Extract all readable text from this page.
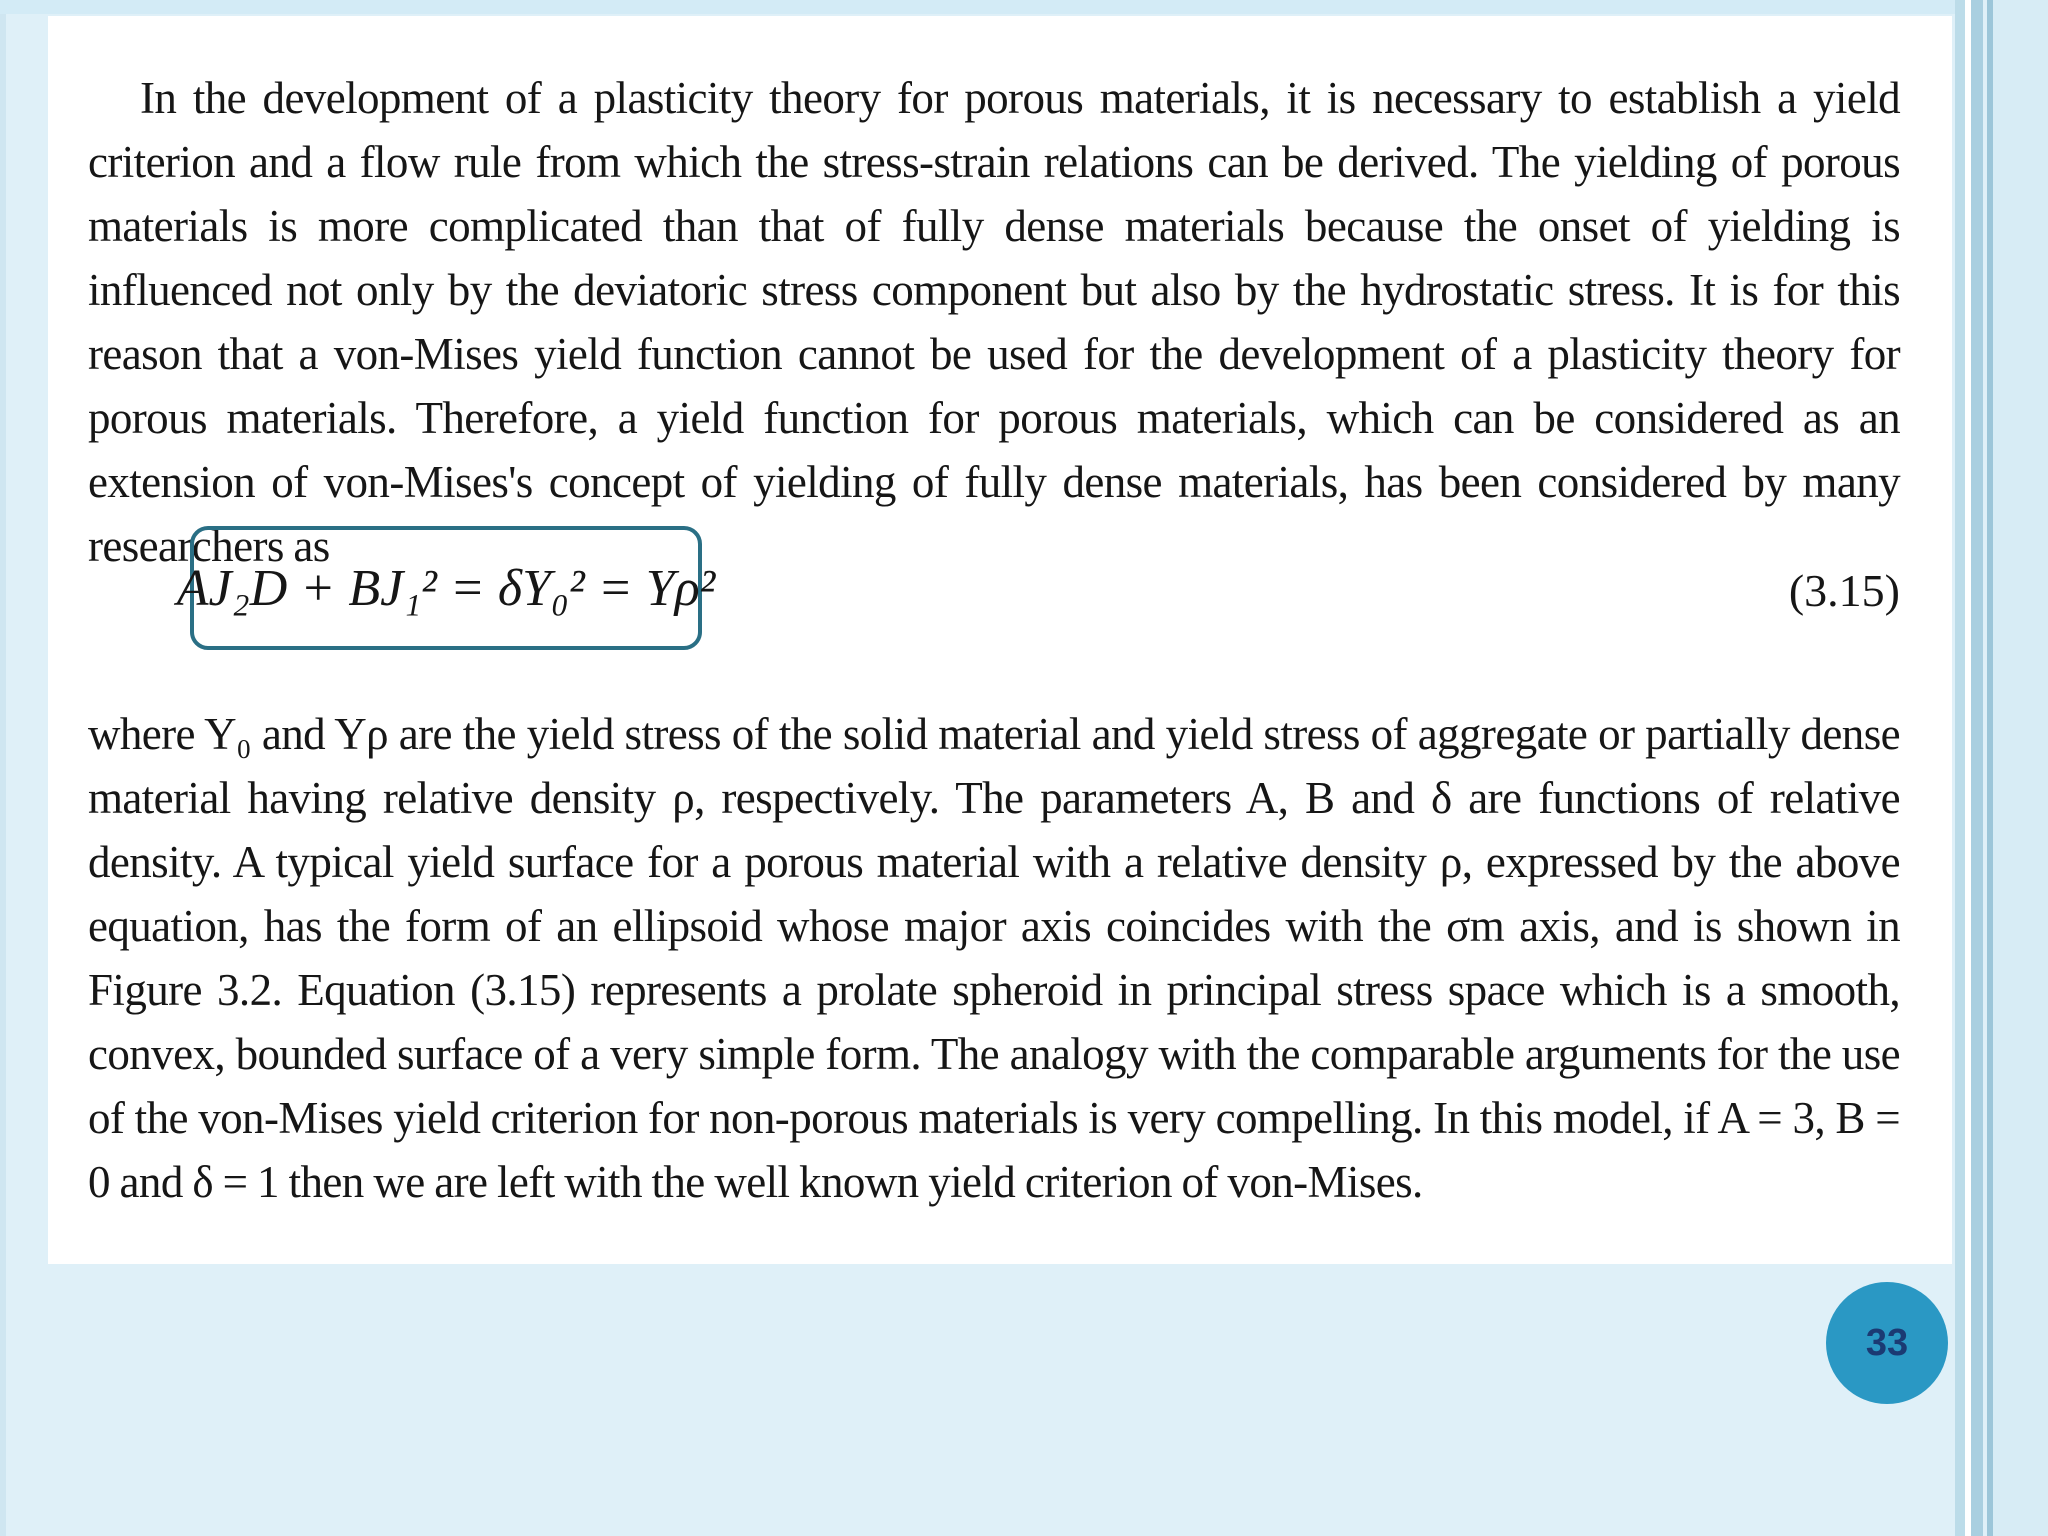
In the development of a plasticity theory for porous materials, it is necessary to establish a yield criterion and a flow rule from which the stress-strain relations can be derived. The yielding of porous materials is more complicated than that of fully dense materials because the onset of yielding is influenced not only by the deviatoric stress component but also by the hydrostatic stress. It is for this reason that a von-Mises yield function cannot be used for the development of a plasticity theory for porous materials. Therefore, a yield function for porous materials, which can be considered as an extension of von-Mises's concept of yielding of fully dense materials, has been considered by many researchers as

AJ₂D + BJ₁² = δY₀² = Yρ²	(3.15)

where Y₀ and Yρ are the yield stress of the solid material and yield stress of aggregate or partially dense material having relative density ρ, respectively. The parameters A, B and δ are functions of relative density. A typical yield surface for a porous material with a relative density ρ, expressed by the above equation, has the form of an ellipsoid whose major axis coincides with the σm axis, and is shown in Figure 3.2. Equation (3.15) represents a prolate spheroid in principal stress space which is a smooth, convex, bounded surface of a very simple form. The analogy with the comparable arguments for the use of the von-Mises yield criterion for non-porous materials is very compelling. In this model, if A = 3, B = 0 and δ = 1 then we are left with the well known yield criterion of von-Mises.

33
